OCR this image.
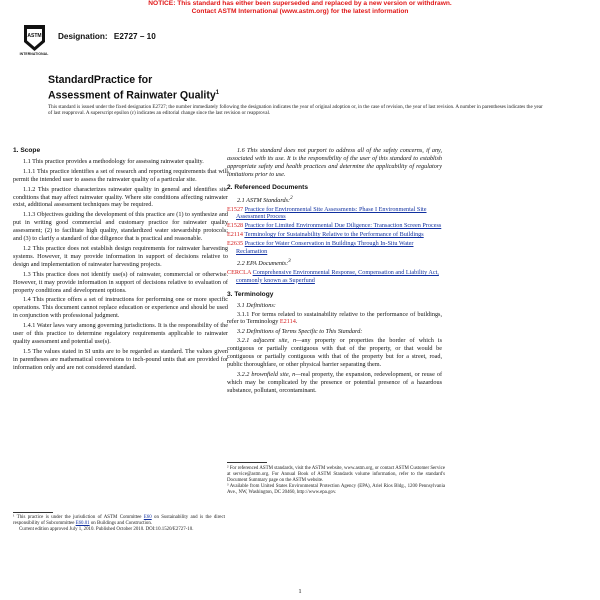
NOTICE: This standard has either been superseded and replaced by a new version or withdrawn.
Contact ASTM International (www.astm.org) for the latest information
ASTM
INTERNATIONAL
Designation: E2727 – 10
StandardPractice for
Assessment of Rainwater Quality$^1$
This standard is issued under the fixed designation E2727; the number immediately following the designation indicates the year of original adoption or, in the case of revision, the year of last revision. A number in parentheses indicates the year of last reapproval. A superscript epsilon (ε) indicates an editorial change since the last revision or reapproval.
1. Scope
1.1 This practice provides a methodology for assessing rainwater quality.
1.1.1 This practice identifies a set of research and reporting requirements that will permit the intended user to assess the rainwater quality of a particular site.
1.1.2 This practice characterizes rainwater quality in general and identifies site conditions that may affect rainwater quality. Where site conditions affecting rainwater exist, additional assessment techniques may be required.
1.1.3 Objectives guiding the development of this practice are (1) to synthesize and put in writing good commercial and customary practice for rainwater quality assessment; (2) to facilitate high quality, standardized water stewardship protocols; and (3) to clarify a standard of due diligence that is practical and reasonable.
1.2 This practice does not establish design requirements for rainwater harvesting systems. However, it may provide information in support of decisions relative to design and implementation of rainwater harvesting projects.
1.3 This practice does not identify use(s) of rainwater, commercial or otherwise. However, it may provide information in support of decisions relative to evaluation of property conditions and development options.
1.4 This practice offers a set of instructions for performing one or more specific operations. This document cannot replace education or experience and should be used in conjunction with professional judgment.
1.4.1 Water laws vary among governing jurisdictions. It is the responsibility of the user of this practice to determine regulatory requirements applicable to rainwater quality assessment and potential use(s).
1.5 The values stated in SI units are to be regarded as standard. The values given in parentheses are mathematical conversions to inch-pound units that are provided for information only and are not considered standard.
1.6 This standard does not purport to address all of the safety concerns, if any, associated with its use. It is the responsibility of the user of this standard to establish appropriate safety and health practices and determine the applicability of regulatory limitations prior to use.
2. Referenced Documents
2.1 ASTM Standards:$^2$
E1527 Practice for Environmental Site Assessments: Phase I Environmental Site Assessment Process
E1528 Practice for Limited Environmental Due Diligence: Transaction Screen Process
E2114 Terminology for Sustainability Relative to the Performance of Buildings
E2635 Practice for Water Conservation in Buildings Through In-Situ Water Reclamation
2.2 EPA Documents:$^3$
CERCLA Comprehensive Environmental Response, Compensation and Liability Act, commonly known as Superfund
3. Terminology
3.1 Definitions:
3.1.1 For terms related to sustainability relative to the performance of buildings, refer to Terminology E2114.
3.2 Definitions of Terms Specific to This Standard:
3.2.1 adjacent site, n—any property or properties the border of which is contiguous or partially contiguous with that of the property, or that would be contiguous or partially contiguous with that of the property but for a street, road, public thoroughfare, or other physical barrier separating them.
3.2.2 brownfield site, n—real property, the expansion, redevelopment, or reuse of which may be complicated by the presence or potential presence of a hazardous substance, pollutant, orcontaminant.
¹ This practice is under the jurisdiction of ASTM Committee E60 on Sustainability and is the direct responsibility of Subcommittee E60.01 on Buildings and Construction.
Current edition approved July 1, 2010. Published October 2010. DOI:10.1520/E2727-10.
² For referenced ASTM standards, visit the ASTM website, www.astm.org, or contact ASTM Customer Service at service@astm.org. For Annual Book of ASTM Standards volume information, refer to the standard's Document Summary page on the ASTM website.
³ Available from United States Environmental Protection Agency (EPA), Ariel Rios Bldg., 1200 Pennsylvania Ave., NW, Washington, DC 20460, http://www.epa.gov.
1
